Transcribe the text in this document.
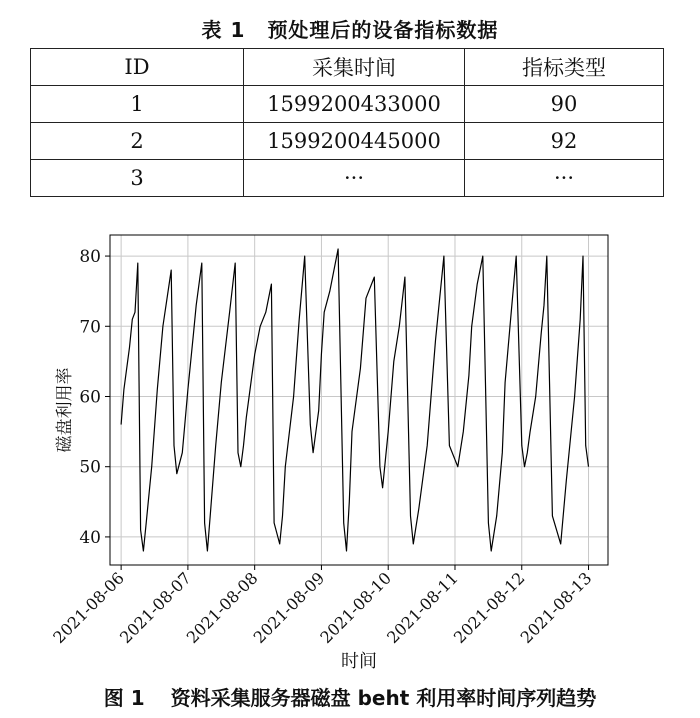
表 1 预处理后的设备指标数据
ID	采集时间	指标类型
1	1599200433000	90
2	1599200445000	92
3	···	···
40
50
60
70
80
2021-08-06
2021-08-07
2021-08-08
2021-08-09
2021-08-10
2021-08-11
2021-08-12
2021-08-13
时间
磁盘利用率
图 1 资料采集服务器磁盘 beht 利用率时间序列趋势
